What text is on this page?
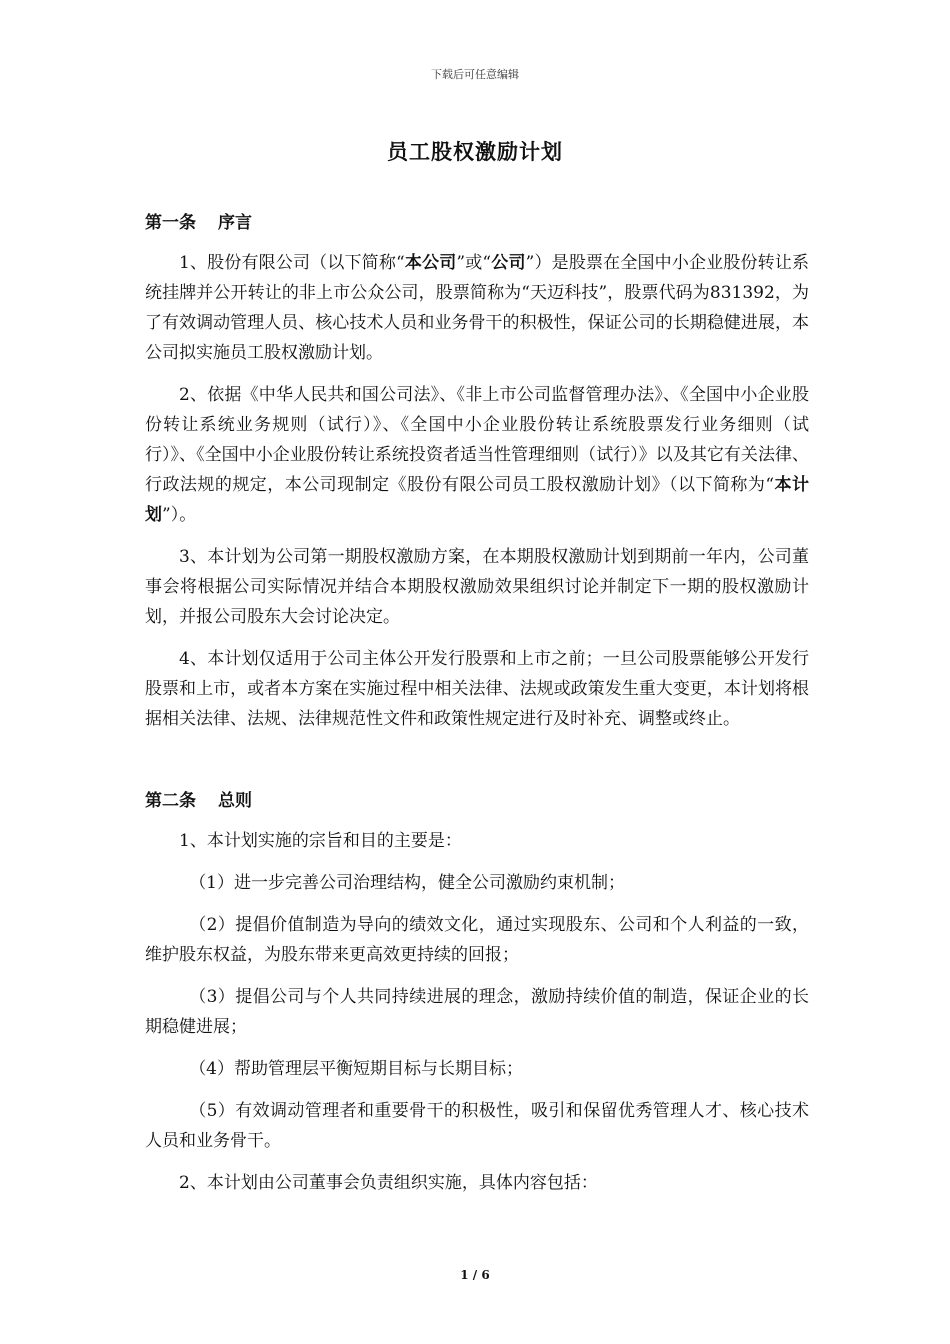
下载后可任意编辑
员工股权激励计划
第一条 序言

1、股份有限公司（以下简称“本公司”或“公司”）是股票在全国中小企业股份转让系统挂牌并公开转让的非上市公众公司，股票简称为“天迈科技”，股票代码为831392，为了有效调动管理人员、核心技术人员和业务骨干的积极性，保证公司的长期稳健进展，本公司拟实施员工股权激励计划。

2、依据《中华人民共和国公司法》、《非上市公司监督管理办法》、《全国中小企业股份转让系统业务规则（试行）》、《全国中小企业股份转让系统股票发行业务细则（试行）》、《全国中小企业股份转让系统投资者适当性管理细则（试行）》以及其它有关法律、行政法规的规定，本公司现制定《股份有限公司员工股权激励计划》（以下简称为“本计划”）。

3、本计划为公司第一期股权激励方案，在本期股权激励计划到期前一年内，公司董事会将根据公司实际情况并结合本期股权激励效果组织讨论并制定下一期的股权激励计划，并报公司股东大会讨论决定。

4、本计划仅适用于公司主体公开发行股票和上市之前；一旦公司股票能够公开发行股票和上市，或者本方案在实施过程中相关法律、法规或政策发生重大变更，本计划将根据相关法律、法规、法律规范性文件和政策性规定进行及时补充、调整或终止。

第二条 总则

1、本计划实施的宗旨和目的主要是：

（1）进一步完善公司治理结构，健全公司激励约束机制；

（2）提倡价值制造为导向的绩效文化，通过实现股东、公司和个人利益的一致，维护股东权益，为股东带来更高效更持续的回报；

（3）提倡公司与个人共同持续进展的理念，激励持续价值的制造，保证企业的长期稳健进展；

（4）帮助管理层平衡短期目标与长期目标；

（5）有效调动管理者和重要骨干的积极性，吸引和保留优秀管理人才、核心技术人员和业务骨干。

2、本计划由公司董事会负责组织实施，具体内容包括：

1 / 6
